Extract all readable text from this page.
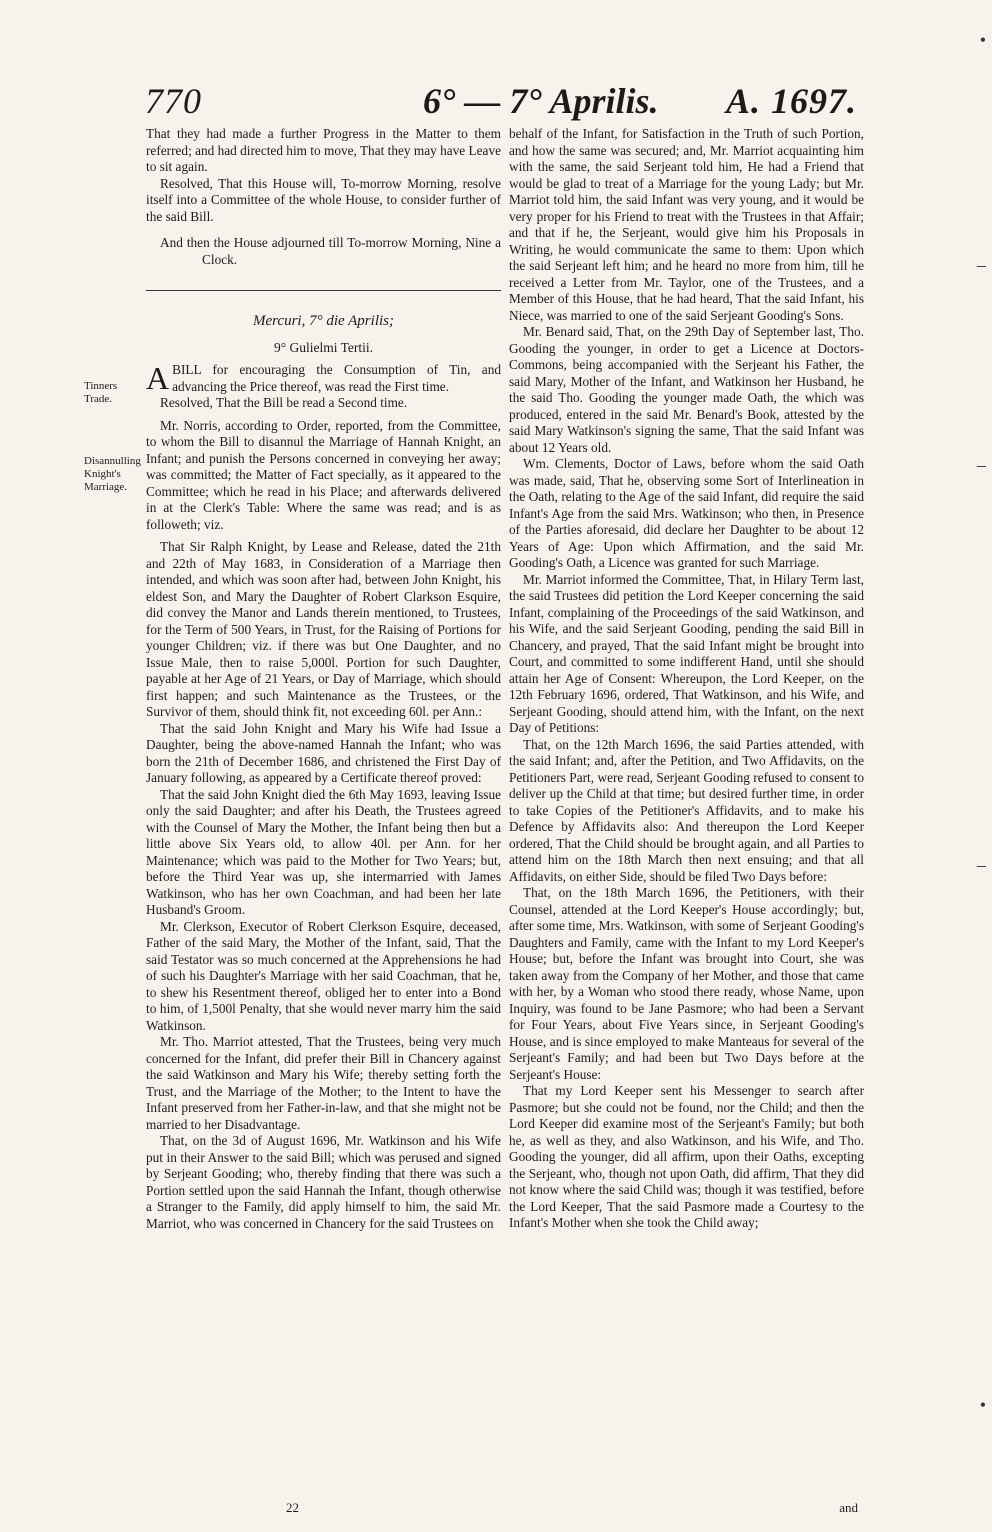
770	6° — 7° Aprilis. A. 1697.
Tinners Trade.
Disannulling Knight's Marriage.

That they had made a further Progress in the Matter to them referred; and had directed him to move, That they may have Leave to sit again.

Resolved, That this House will, To-morrow Morning, resolve itself into a Committee of the whole House, to consider further of the said Bill.

And then the House adjourned till To-morrow Morning, Nine a Clock.

Mercuri, 7° die Aprilis;
9° Gulielmi Tertii.

ABILL for encouraging the Consumption of Tin, and advancing the Price thereof, was read the First time.

Resolved, That the Bill be read a Second time.

Mr. Norris, according to Order, reported, from the Committee, to whom the Bill to disannul the Marriage of Hannah Knight, an Infant; and punish the Persons concerned in conveying her away; was committed; the Matter of Fact specially, as it appeared to the Committee; which he read in his Place; and afterwards delivered in at the Clerk's Table: Where the same was read; and is as followeth; viz.

That Sir Ralph Knight, by Lease and Release, dated the 21th and 22th of May 1683, in Consideration of a Marriage then intended, and which was soon after had, between John Knight, his eldest Son, and Mary the Daughter of Robert Clarkson Esquire, did convey the Manor and Lands therein mentioned, to Trustees, for the Term of 500 Years, in Trust, for the Raising of Portions for younger Children; viz. if there was but One Daughter, and no Issue Male, then to raise 5,000l. Portion for such Daughter, payable at her Age of 21 Years, or Day of Marriage, which should first happen; and such Maintenance as the Trustees, or the Survivor of them, should think fit, not exceeding 60l. per Ann.:

That the said John Knight and Mary his Wife had Issue a Daughter, being the above-named Hannah the Infant; who was born the 21th of December 1686, and christened the First Day of January following, as appeared by a Certificate thereof proved:

That the said John Knight died the 6th May 1693, leaving Issue only the said Daughter; and after his Death, the Trustees agreed with the Counsel of Mary the Mother, the Infant being then but a little above Six Years old, to allow 40l. per Ann. for her Maintenance; which was paid to the Mother for Two Years; but, before the Third Year was up, she intermarried with James Watkinson, who has her own Coachman, and had been her late Husband's Groom.

Mr. Clerkson, Executor of Robert Clerkson Esquire, deceased, Father of the said Mary, the Mother of the Infant, said, That the said Testator was so much concerned at the Apprehensions he had of such his Daughter's Marriage with her said Coachman, that he, to shew his Resentment thereof, obliged her to enter into a Bond to him, of 1,500l Penalty, that she would never marry him the said Watkinson.

Mr. Tho. Marriot attested, That the Trustees, being very much concerned for the Infant, did prefer their Bill in Chancery against the said Watkinson and Mary his Wife; thereby setting forth the Trust, and the Marriage of the Mother; to the Intent to have the Infant preserved from her Father-in-law, and that she might not be married to her Disadvantage.

That, on the 3d of August 1696, Mr. Watkinson and his Wife put in their Answer to the said Bill; which was perused and signed by Serjeant Gooding; who, thereby finding that there was such a Portion settled upon the said Hannah the Infant, though otherwise a Stranger to the Family, did apply himself to him, the said Mr. Marriot, who was concerned in Chancery for the said Trustees on

behalf of the Infant, for Satisfaction in the Truth of such Portion, and how the same was secured; and, Mr. Marriot acquainting him with the same, the said Serjeant told him, He had a Friend that would be glad to treat of a Marriage for the young Lady; but Mr. Marriot told him, the said Infant was very young, and it would be very proper for his Friend to treat with the Trustees in that Affair; and that if he, the Serjeant, would give him his Proposals in Writing, he would communicate the same to them: Upon which the said Serjeant left him; and he heard no more from him, till he received a Letter from Mr. Taylor, one of the Trustees, and a Member of this House, that he had heard, That the said Infant, his Niece, was married to one of the said Serjeant Gooding's Sons.

Mr. Benard said, That, on the 29th Day of September last, Tho. Gooding the younger, in order to get a Licence at Doctors-Commons, being accompanied with the Serjeant his Father, the said Mary, Mother of the Infant, and Watkinson her Husband, he the said Tho. Gooding the younger made Oath, the which was produced, entered in the said Mr. Benard's Book, attested by the said Mary Watkinson's signing the same, That the said Infant was about 12 Years old.

Wm. Clements, Doctor of Laws, before whom the said Oath was made, said, That he, observing some Sort of Interlineation in the Oath, relating to the Age of the said Infant, did require the said Infant's Age from the said Mrs. Watkinson; who then, in Presence of the Parties aforesaid, did declare her Daughter to be about 12 Years of Age: Upon which Affirmation, and the said Mr. Gooding's Oath, a Licence was granted for such Marriage.

Mr. Marriot informed the Committee, That, in Hilary Term last, the said Trustees did petition the Lord Keeper concerning the said Infant, complaining of the Proceedings of the said Watkinson, and his Wife, and the said Serjeant Gooding, pending the said Bill in Chancery, and prayed, That the said Infant might be brought into Court, and committed to some indifferent Hand, until she should attain her Age of Consent: Whereupon, the Lord Keeper, on the 12th February 1696, ordered, That Watkinson, and his Wife, and Serjeant Gooding, should attend him, with the Infant, on the next Day of Petitions:

That, on the 12th March 1696, the said Parties attended, with the said Infant; and, after the Petition, and Two Affidavits, on the Petitioners Part, were read, Serjeant Gooding refused to consent to deliver up the Child at that time; but desired further time, in order to take Copies of the Petitioner's Affidavits, and to make his Defence by Affidavits also: And thereupon the Lord Keeper ordered, That the Child should be brought again, and all Parties to attend him on the 18th March then next ensuing; and that all Affidavits, on either Side, should be filed Two Days before:

That, on the 18th March 1696, the Petitioners, with their Counsel, attended at the Lord Keeper's House accordingly; but, after some time, Mrs. Watkinson, with some of Serjeant Gooding's Daughters and Family, came with the Infant to my Lord Keeper's House; but, before the Infant was brought into Court, she was taken away from the Company of her Mother, and those that came with her, by a Woman who stood there ready, whose Name, upon Inquiry, was found to be Jane Pasmore; who had been a Servant for Four Years, about Five Years since, in Serjeant Gooding's House, and is since employed to make Manteaus for several of the Serjeant's Family; and had been but Two Days before at the Serjeant's House:

That my Lord Keeper sent his Messenger to search after Pasmore; but she could not be found, nor the Child; and then the Lord Keeper did examine most of the Serjeant's Family; but both he, as well as they, and also Watkinson, and his Wife, and Tho. Gooding the younger, did all affirm, upon their Oaths, excepting the Serjeant, who, though not upon Oath, did affirm, That they did not know where the said Child was; though it was testified, before the Lord Keeper, That the said Pasmore made a Courtesy to the Infant's Mother when she took the Child away;

22	and
•
–
–
–
•
